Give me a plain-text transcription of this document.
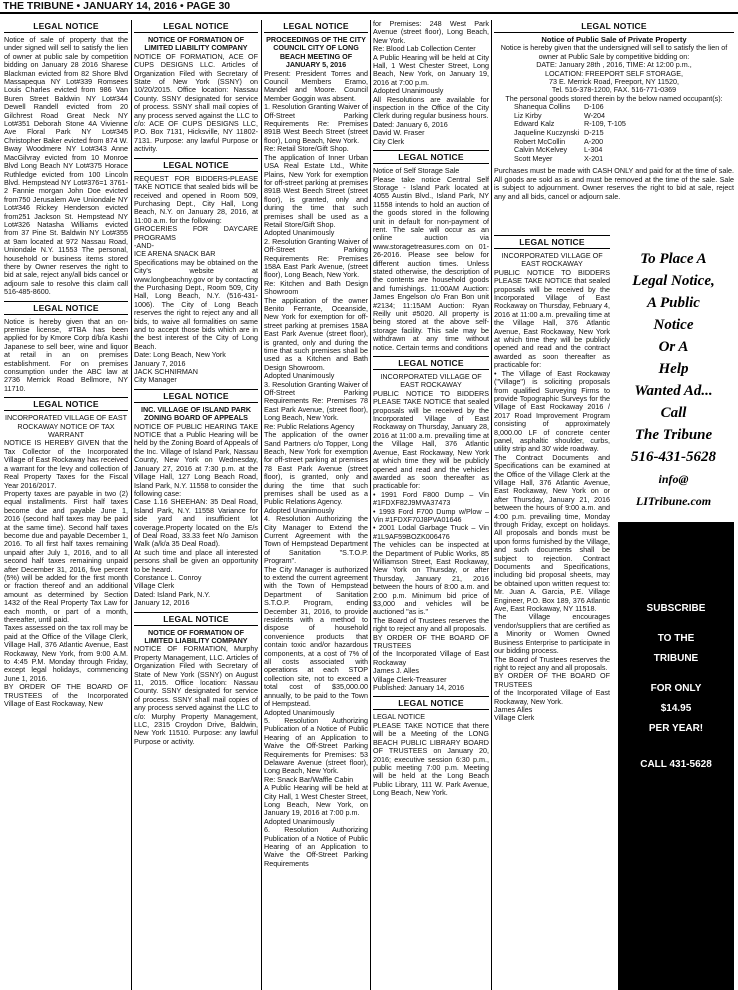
THE TRIBUNE • JANUARY 14, 2016 • PAGE 30
LEGAL NOTICE
Notice of sale of property that the under signed will sell to satisfy the lien of owner at public sale by competition bidding on January 28 2016 Sharese Blackman evicted from 82 Shore Blvd Massapequa NY Lot#339 Romsees Louis Charles evicted from 986 Van Buren Street Baldwin NY Lot#344 Dewell Randell evicted from 20 Gilchrest Road Great Neck NY Lot#351 Deborah Stone 4A Vivienne Ave Floral Park NY Lot#345 Christopher Baker evicted from 874 W. Bway Woodmere NY Lot#343 Anne MacGilvray evicted from 10 Monroe Blvd Long Beach NY Lot#375 Horace Ruthledge evicted from 100 Lincoln Blvd. Hempstead NY Lot#376=1 3761-2 Fannie morgan John Doe evicted from750 Jerusalem Ave Uniondale NY Lot#346 Rickey Henderson evicted from251 Jackson St. Hempstead NY Lot#326 Natasha Williams evicted from 37 Pine St. Baldwin NY Lot#355 at 9am located at 972 Nassau Road, Uniondale N.Y. 11553 The personal, household or business items stored there by Owner reserves the right to bid at sale, reject any/all bids cancel or adjourn sale to resolve this claim call 516-485-8600.
LEGAL NOTICE
Notice is hereby given that an on-premise license, #TBA has been applied for by Kmore Corp d/b/a Kashi Japanese to sell beer, wine and liquor at retail in an on premises establishment. For on premises consumption under the ABC law at 2736 Merrick Road Bellmore, NY 11710.
LEGAL NOTICE
INCORPORATED VILLAGE OF EAST ROCKAWAY NOTICE OF TAX WARRANT
NOTICE IS HEREBY GIVEN that the Tax Collector of the Incorporated Village of East Rockaway has received a warrant for the levy and collection of Real Property Taxes for the Fiscal Year 2016/2017.
Property taxes are payable in two (2) equal installments. First half taxes become due and payable June 1, 2016 (second half taxes may be paid at the same time). Second half taxes become due and payable December 1, 2016. To all first half taxes remaining unpaid after July 1, 2016, and to all second half taxes remaining unpaid after December 31, 2016, five percent (5%) will be added for the first month or fraction thereof and an additional amount as determined by Section 1432 of the Real Property Tax Law for each month, or part of a month, thereafter, until paid.
Taxes assessed on the tax roll may be paid at the Office of the Village Clerk, Village Hall, 376 Atlantic Avenue, East Rockaway, New York, from 9:00 A.M. to 4:45 P.M. Monday through Friday, except legal holidays, commencing June 1, 2016.
BY ORDER OF THE BOARD OF TRUSTEES of the Incorporated Village of East Rockaway, New
LEGAL NOTICE
NOTICE OF FORMATION OF LIMITED LIABILITY COMPANY
NOTICE OF FORMATION, ACE OF CUPS DESIGNS LLC. Articles of Organization Filed with Secretary of State of New York (SSNY) on 10/20/2015. Office location: Nassau County. SSNY designated for service of process. SSNY shall mail copies of any process served against the LLC to c/o: ACE OF CUPS DESIGNS LLC, P.O. Box 7131, Hicksville, NY 11802-7131. Purpose: any lawful Purpose or activity.
LEGAL NOTICE
REQUEST FOR BIDDERS-PLEASE TAKE NOTICE that sealed bids will be received and opened in Room 509, Purchasing Dept., City Hall, Long Beach, N.Y. on January 28, 2016, at 11:00 a.m. for the following:
GROCERIES FOR DAYCARE PROGRAMS
-AND-
ICE ARENA SNACK BAR
Specifications may be obtained on the City's website at www.longbeachny.gov or by contacting the Purchasing Dept., Room 509, City Hall, Long Beach, N.Y. (516-431-1006). The City of Long Beach reserves the right to reject any and all bids, to waive all formalities on same and to accept those bids which are in the best interest of the City of Long Beach.
Date: Long Beach, New York
January 7, 2016
JACK SCHNIRMAN
City Manager
LEGAL NOTICE
INC. VILLAGE OF ISLAND PARK ZONING BOARD OF APPEALS
NOTICE OF PUBLIC HEARING TAKE NOTICE that a Public Hearing will be held by the Zoning Board of Appeals of the Inc. Village of Island Park, Nassau County, New York on Wednesday, January 27, 2016 at 7:30 p.m. at the Village Hall, 127 Long Beach Road, Island Park, N.Y. 11558 to consider the following case:
Case 1.16 SHEEHAN: 35 Deal Road, Island Park, N.Y. 11558 Variance for side yard and insufficient lot coverage.Property located on the E/s of Deal Road, 33.33 feet N/o Jamison Walk (a/k/a 35 Deal Road).
At such time and place all interested persons shall be given an opportunity to be heard.
Constance L. Conroy
Village Clerk
Dated: Island Park, N.Y.
January 12, 2016
LEGAL NOTICE
NOTICE OF FORMATION OF LIMITED LIABILITY COMPANY
NOTICE OF FORMATION, Murphy Property Management, LLC. Articles of Organization Filed with Secretary of State of New York (SSNY) on August 11, 2015. Office location: Nassau County. SSNY designated for service of process. SSNY shall mail copies of any process served against the LLC to c/o: Murphy Property Management, LLC, 2315 Croydon Drive, Baldwin, New York 11510. Purpose: any lawful Purpose or activity.
LEGAL NOTICE
PROCEEDINGS OF THE CITY COUNCIL CITY OF LONG BEACH MEETING OF JANUARY 5, 2016
Present: President Torres and Council Members Eramo, Mandel and Moore. Council Member Goggin was absent.
1. Resolution Granting Waiver of Off-Street Parking Requirements Re: Premises 891B West Beech Street (street floor), Long Beach, New York.
Re: Retail Store/Gift Shop.
The application of Inner Urban USA Real Estate Ltd., White Plains, New York for exemption for off-street parking at premises 891B West Beech Street (street floor), is granted, only and during the time that such premises shall be used as a Retail Store/Gift Shop.
Adopted Unanimously
2. Resolution Granting Waiver of Off-Street Parking Requirements Re: Premises 158A East Park Avenue, (street floor), Long Beach, New York.
Re: Kitchen and Bath Design Showroom
The application of the owner Benito Ferrante, Oceanside, New York for exemption for off-street parking at premises 158A East Park Avenue (street floor), is granted, only and during the time that such premises shall be used as a Kitchen and Bath Design Showroom.
Adopted Unanimously
3. Resolution Granting Waiver of Off-Street Parking Requirements Re: Premises 78 East Park Avenue, (street floor), Long Beach, New York.
Re: Public Relations Agency
The application of the owner Sand Partners c/o Topper, Long Beach, New York for exemption for off-street parking at premises 78 East Park Avenue (street floor), is granted, only and during the time that such premises shall be used as a Public Relations Agency.
Adopted Unanimously
4. Resolution Authorizing the City Manager to Extend the Current Agreement with the Town of Hempstead Department of Sanitation "S.T.O.P. Program".
The City Manager is authorized to extend the current agreement with the Town of Hempstead Department of Sanitation S.T.O.P. Program, ending December 31, 2016, to provide residents with a method to dispose of household convenience products that contain toxic and/or hazardous components, at a cost of 7% of all costs associated with operations at each STOP collection site, not to exceed a total cost of $35,000.00 annually, to be paid to the Town of Hempstead.
Adopted Unanimously
5. Resolution Authorizing Publication of a Notice of Public Hearing of an Application to Waive the Off-Street Parking Requirements for Premises: 53 Delaware Avenue (street floor), Long Beach, New York.
Re: Snack Bar/Waffle Cabin
A Public Hearing will be held at City Hall, 1 West Chester Street, Long Beach, New York, on January 19, 2016 at 7:00 p.m.
Adopted Unanimously
6. Resolution Authorizing Publication of a Notice of Public Hearing of an Application to Waive the Off-Street Parking Requirements
for Premises: 248 West Park Avenue (street floor), Long Beach, New York.
Re: Blood Lab Collection Center
A Public Hearing will be held at City Hall, 1 West Chester Street, Long Beach, New York, on January 19, 2016 at 7:00 p.m.
Adopted Unanimously
All Resolutions are available for inspection in the Office of the City Clerk during regular business hours.
Dated: January 6, 2016
David W. Fraser
City Clerk
LEGAL NOTICE
Notice of Self Storage Sale
Please take notice Central Self Storage - Island Park located at 4055 Austin Blvd., Island Park, NY 11558 intends to hold an auction of the goods stored in the following unit in default for non-payment of rent. The sale will occur as an online auction via www.storagetreasures.com on 01-26-2016. Please see below for different auction times. Unless stated otherwise, the description of the contents are household goods and furnishings. 11:00AM Auction: James Engelson c/o Fran Bon unit #2134; 11:15AM Auction: Ryan Reilly unit #5020. All property is being stored at the above self-storage facility. This sale may be withdrawn at any time without notice. Certain terms and conditions
LEGAL NOTICE
INCORPORATED VILLAGE OF EAST ROCKAWAY
PUBLIC NOTICE TO BIDDERS PLEASE TAKE NOTICE that sealed proposals will be received by the Incorporated Village of East Rockaway on Thursday, January 28, 2016 at 11:00 a.m. prevailing time at the Village Hall, 376 Atlantic Avenue, East Rockaway, New York at which time they will be publicly opened and read and the vehicles awarded as soon thereafter as practicable for:
• 1991 Ford F800 Dump – Vin #1FDXF82J9MVA37473
• 1993 Ford F700 Dump w/Plow – Vin #1FDXF70J8PVA01646
• 2001 Lodal Garbage Truck – Vin #1L9AF59BOZK006476
The vehicles can be inspected at the Department of Public Works, 85 Williamson Street, East Rockaway, New York on Thursday, or after Thursday, January 21, 2016 between the hours of 8:00 a.m. and 2:00 p.m. Minimum bid price of $3,000 and vehicles will be auctioned "as is."
The Board of Trustees reserves the right to reject any and all proposals.
BY ORDER OF THE BOARD OF TRUSTEES
of the Incorporated Village of East Rockaway
James J. Alles
Village Clerk-Treasurer
Published: January 14, 2016
LEGAL NOTICE
LEGAL NOTICE
PLEASE TAKE NOTICE that there will be a Meeting of the LONG BEACH PUBLIC LIBRARY BOARD OF TRUSTEES on January 20, 2016; executive session 6:30 p.m., public meeting 7:00 p.m. Meeting will be held at the Long Beach Public Library, 111 W. Park Avenue, Long Beach, New York.
LEGAL NOTICE
Notice of Public Sale of Private Property
Notice is hereby given that the undersigned will sell to satisfy the lien of owner at Public Sale by competitive bidding on:
DATE: January 28th , 2016, TIME: At 12:00 p.m.,
LOCATION: FREEPORT SELF STORAGE,
73 E. Merrick Road, Freeport, NY 11520,
Tel. 516-378-1200, FAX. 516-771-0369
The personal goods stored therein by the below named occupant(s):
Shanequa Collins	D-106
Liz Kirby	W-204
Edward Kalz	R-109, T-105
Jaqueline Kuczynski D-215
Robert McCollin	A-200
Calvin McKelvey	L-304
Scott Meyer	X-201
Purchases must be made with CASH ONLY and paid for at the time of sale. All goods are sold as is and must be removed at the time of the sale. Sale is subject to adjournment. Owner reserves the right to bid at sale, reject any and all bids, cancel or adjourn sale.
LEGAL NOTICE
INCORPORATED VILLAGE OF EAST ROCKAWAY
PUBLIC NOTICE TO BIDDERS PLEASE TAKE NOTICE that sealed proposals will be received by the Incorporated Village of East Rockaway on Thursday, February 4, 2016 at 11:00 a.m. prevailing time at the Village Hall, 376 Atlantic Avenue, East Rockaway, New York at which time they will be publicly opened and read and the contract awarded as soon thereafter as practicable for:
• The Village of East Rockaway ("Village") is soliciting proposals from qualified Surveying Firms to provide Topographic Surveys for the Village of East Rockaway 2016 / 2017 Road Improvement Program consisting of approximately 8,000.00 LF of concrete center panel, asphaltic shoulder, curbs, utility strip and 30' wide roadway.
The Contract Documents and Specifications can be examined at the Office of the Village Clerk at the Village Hall, 376 Atlantic Avenue, East Rockaway, New York on or after Thursday, January 21, 2016 between the hours of 9:00 a.m. and 4:00 p.m. prevailing time, Monday through Friday, except on holidays. All proposals and bonds must be upon forms furnished by the Village, and such documents shall be subject to rejection. Contract Documents and Specifications, including bid proposal sheets, may be obtained upon written request to: Mr. Juan A. Garcia, P.E. Village Engineer, P.O. Box 189, 376 Atlantic Ave, East Rockaway, NY 11518.
The Village encourages vendor/suppliers that are certified as a Minority or Women Owned Business Enterprise to participate in our bidding process.
The Board of Trustees reserves the right to reject any and all proposals.
BY ORDER OF THE BOARD OF TRUSTEES
of the Incorporated Village of East Rockaway, New York.
James Alles
Village Clerk
To Place A
Legal Notice,
A Public
Notice
Or A
Help
Wanted Ad...
Call
The Tribune
516-431-5628
info@
LITribune.com
SUBSCRIBE
TO THE
TRIBUNE
FOR ONLY
$14.95
PER YEAR!
CALL 431-5628
